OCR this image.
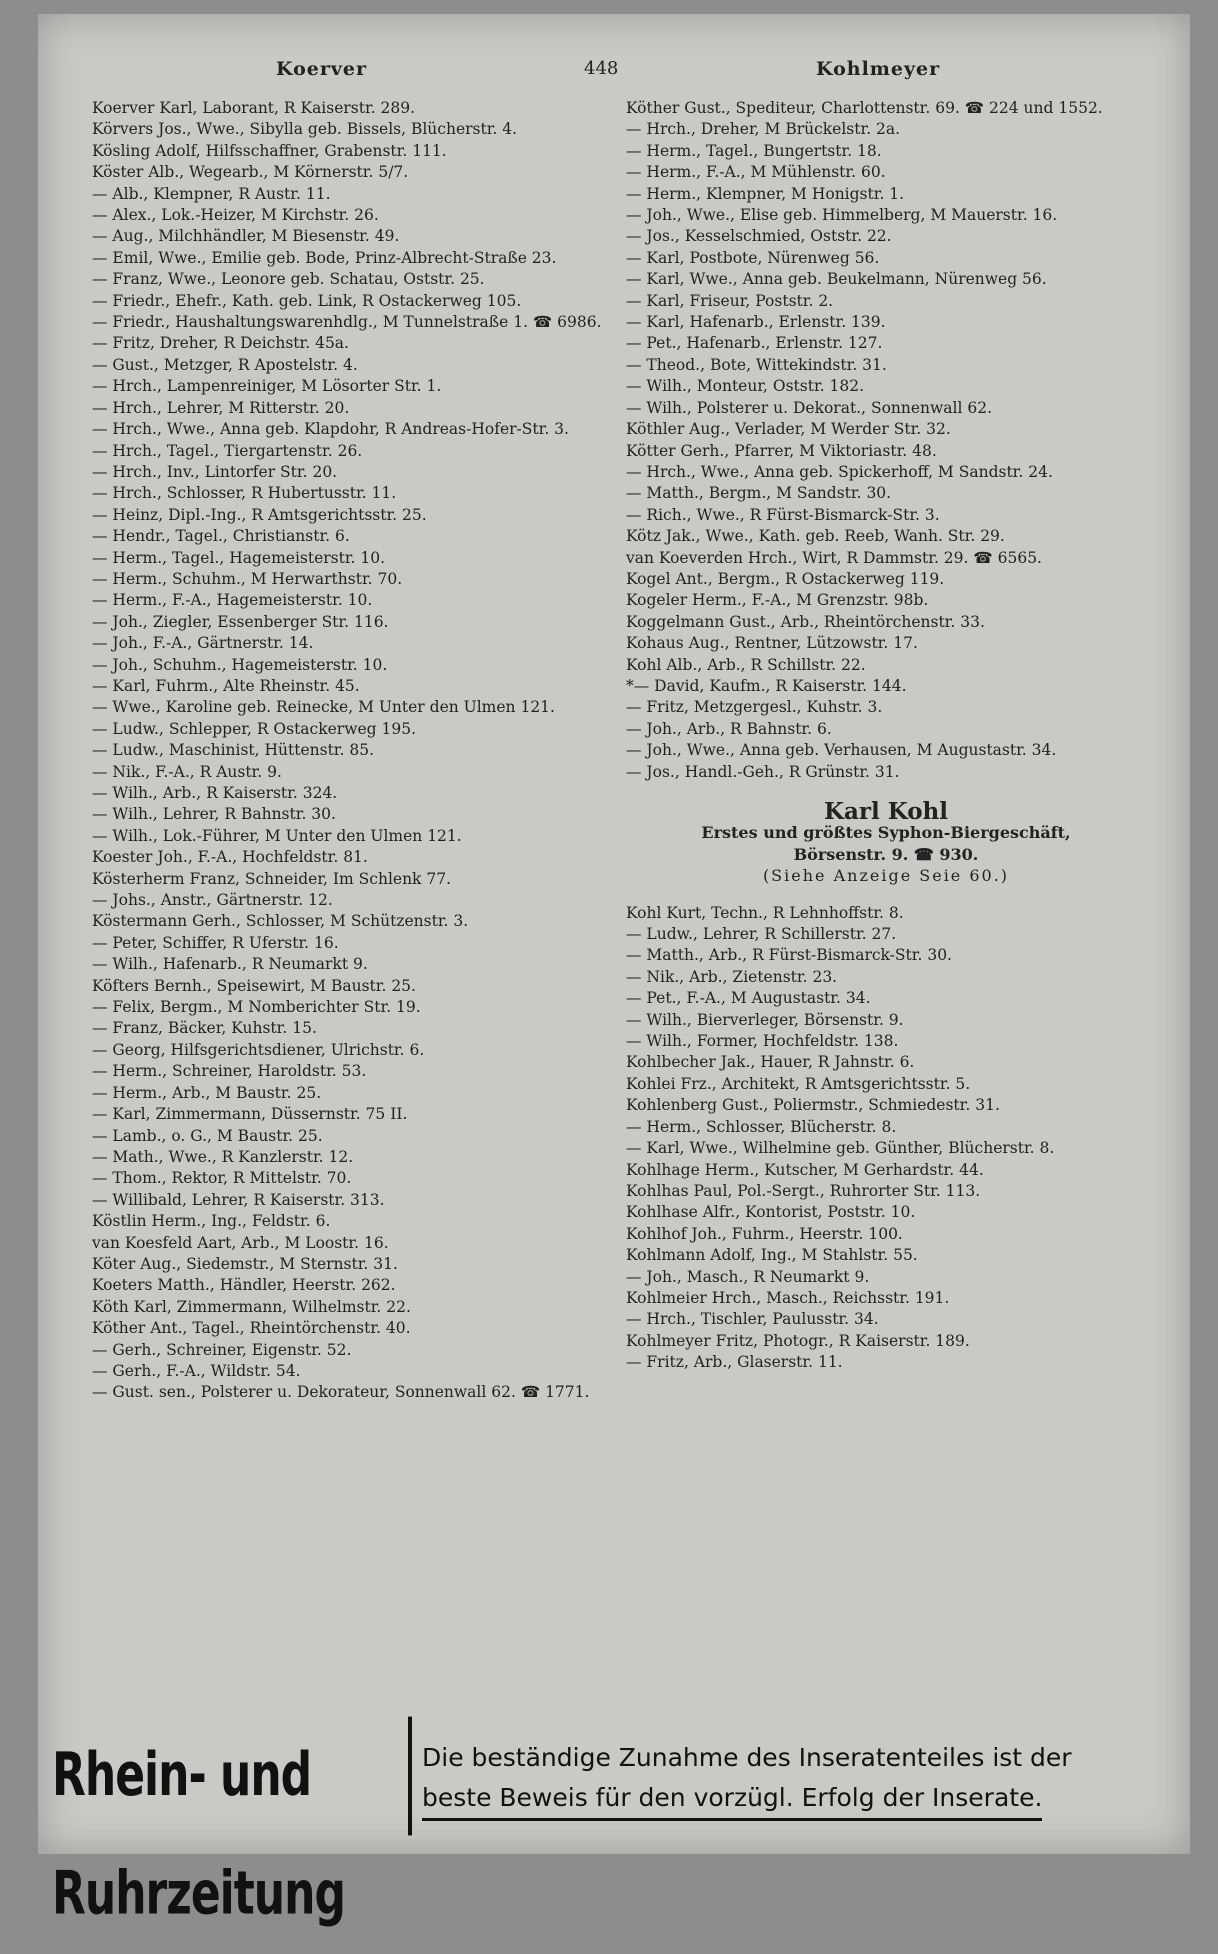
Koerver	448	Kohlmeyer
Koerver Karl, Laborant, R Kaiserstr. 289.
Körvers Jos., Wwe., Sibylla geb. Bissels, Blücherstr. 4.
Kösling Adolf, Hilfsschaffner, Grabenstr. 111.
Köster Alb., Wegearb., M Körnerstr. 5/7.
— Alb., Klempner, R Austr. 11.
— Alex., Lok.-Heizer, M Kirchstr. 26.
— Aug., Milchhändler, M Biesenstr. 49.
— Emil, Wwe., Emilie geb. Bode, Prinz-Albrecht-Straße 23.
— Franz, Wwe., Leonore geb. Schatau, Oststr. 25.
— Friedr., Ehefr., Kath. geb. Link, R Ostackerweg 105.
— Friedr., Haushaltungswarenhdlg., M Tunnelstraße 1. ☎ 6986.
— Fritz, Dreher, R Deichstr. 45a.
— Gust., Metzger, R Apostelstr. 4.
— Hrch., Lampenreiniger, M Lösorter Str. 1.
— Hrch., Lehrer, M Ritterstr. 20.
— Hrch., Wwe., Anna geb. Klapdohr, R Andreas-Hofer-Str. 3.
— Hrch., Tagel., Tiergartenstr. 26.
— Hrch., Inv., Lintorfer Str. 20.
— Hrch., Schlosser, R Hubertusstr. 11.
— Heinz, Dipl.-Ing., R Amtsgerichtsstr. 25.
— Hendr., Tagel., Christianstr. 6.
— Herm., Tagel., Hagemeisterstr. 10.
— Herm., Schuhm., M Herwarthstr. 70.
— Herm., F.-A., Hagemeisterstr. 10.
— Joh., Ziegler, Essenberger Str. 116.
— Joh., F.-A., Gärtnerstr. 14.
— Joh., Schuhm., Hagemeisterstr. 10.
— Karl, Fuhrm., Alte Rheinstr. 45.
— Wwe., Karoline geb. Reinecke, M Unter den Ulmen 121.
— Ludw., Schlepper, R Ostackerweg 195.
— Ludw., Maschinist, Hüttenstr. 85.
— Nik., F.-A., R Austr. 9.
— Wilh., Arb., R Kaiserstr. 324.
— Wilh., Lehrer, R Bahnstr. 30.
— Wilh., Lok.-Führer, M Unter den Ulmen 121.
Koester Joh., F.-A., Hochfeldstr. 81.
Kösterherm Franz, Schneider, Im Schlenk 77.
— Johs., Anstr., Gärtnerstr. 12.
Köstermann Gerh., Schlosser, M Schützenstr. 3.
— Peter, Schiffer, R Uferstr. 16.
— Wilh., Hafenarb., R Neumarkt 9.
Köfters Bernh., Speisewirt, M Baustr. 25.
— Felix, Bergm., M Nomberichter Str. 19.
— Franz, Bäcker, Kuhstr. 15.
— Georg, Hilfsgerichtsdiener, Ulrichstr. 6.
— Herm., Schreiner, Haroldstr. 53.
— Herm., Arb., M Baustr. 25.
— Karl, Zimmermann, Düssernstr. 75 II.
— Lamb., o. G., M Baustr. 25.
— Math., Wwe., R Kanzlerstr. 12.
— Thom., Rektor, R Mittelstr. 70.
— Willibald, Lehrer, R Kaiserstr. 313.
Köstlin Herm., Ing., Feldstr. 6.
van Koesfeld Aart, Arb., M Loostr. 16.
Köter Aug., Siedemstr., M Sternstr. 31.
Koeters Matth., Händler, Heerstr. 262.
Köth Karl, Zimmermann, Wilhelmstr. 22.
Köther Ant., Tagel., Rheintörchenstr. 40.
— Gerh., Schreiner, Eigenstr. 52.
— Gerh., F.-A., Wildstr. 54.
— Gust. sen., Polsterer u. Dekorateur, Sonnenwall 62. ☎ 1771.
Köther Gust., Spediteur, Charlottenstr. 69. ☎ 224 und 1552.
— Hrch., Dreher, M Brückelstr. 2a.
— Herm., Tagel., Bungertstr. 18.
— Herm., F.-A., M Mühlenstr. 60.
— Herm., Klempner, M Honigstr. 1.
— Joh., Wwe., Elise geb. Himmelberg, M Mauerstr. 16.
— Jos., Kesselschmied, Oststr. 22.
— Karl, Postbote, Nürenweg 56.
— Karl, Wwe., Anna geb. Beukelmann, Nürenweg 56.
— Karl, Friseur, Poststr. 2.
— Karl, Hafenarb., Erlenstr. 139.
— Pet., Hafenarb., Erlenstr. 127.
— Theod., Bote, Wittekindstr. 31.
— Wilh., Monteur, Oststr. 182.
— Wilh., Polsterer u. Dekorat., Sonnenwall 62.
Köthler Aug., Verlader, M Werder Str. 32.
Kötter Gerh., Pfarrer, M Viktoriastr. 48.
— Hrch., Wwe., Anna geb. Spickerhoff, M Sandstr. 24.
— Matth., Bergm., M Sandstr. 30.
— Rich., Wwe., R Fürst-Bismarck-Str. 3.
Kötz Jak., Wwe., Kath. geb. Reeb, Wanh. Str. 29.
van Koeverden Hrch., Wirt, R Dammstr. 29. ☎ 6565.
Kogel Ant., Bergm., R Ostackerweg 119.
Kogeler Herm., F.-A., M Grenzstr. 98b.
Koggelmann Gust., Arb., Rheintörchenstr. 33.
Kohaus Aug., Rentner, Lützowstr. 17.
Kohl Alb., Arb., R Schillstr. 22.
*— David, Kaufm., R Kaiserstr. 144.
— Fritz, Metzgergesl., Kuhstr. 3.
— Joh., Arb., R Bahnstr. 6.
— Joh., Wwe., Anna geb. Verhausen, M Augustastr. 34.
— Jos., Handl.-Geh., R Grünstr. 31.
Karl Kohl
Erstes und größtes Syphon-Biergeschäft,
Börsenstr. 9. ☎ 930.
(Siehe Anzeige Seie 60.)
Kohl Kurt, Techn., R Lehnhoffstr. 8.
— Ludw., Lehrer, R Schillerstr. 27.
— Matth., Arb., R Fürst-Bismarck-Str. 30.
— Nik., Arb., Zietenstr. 23.
— Pet., F.-A., M Augustastr. 34.
— Wilh., Bierverleger, Börsenstr. 9.
— Wilh., Former, Hochfeldstr. 138.
Kohlbecher Jak., Hauer, R Jahnstr. 6.
Kohlei Frz., Architekt, R Amtsgerichtsstr. 5.
Kohlenberg Gust., Poliermstr., Schmiedestr. 31.
— Herm., Schlosser, Blücherstr. 8.
— Karl, Wwe., Wilhelmine geb. Günther, Blücherstr. 8.
Kohlhage Herm., Kutscher, M Gerhardstr. 44.
Kohlhas Paul, Pol.-Sergt., Ruhrorter Str. 113.
Kohlhase Alfr., Kontorist, Poststr. 10.
Kohlhof Joh., Fuhrm., Heerstr. 100.
Kohlmann Adolf, Ing., M Stahlstr. 55.
— Joh., Masch., R Neumarkt 9.
Kohlmeier Hrch., Masch., Reichsstr. 191.
— Hrch., Tischler, Paulusstr. 34.
Kohlmeyer Fritz, Photogr., R Kaiserstr. 189.
— Fritz, Arb., Glaserstr. 11.
Rhein- und Ruhrzeitung
Die beständige Zunahme des Inseratenteiles ist der
beste Beweis für den vorzügl. Erfolg der Inserate.
